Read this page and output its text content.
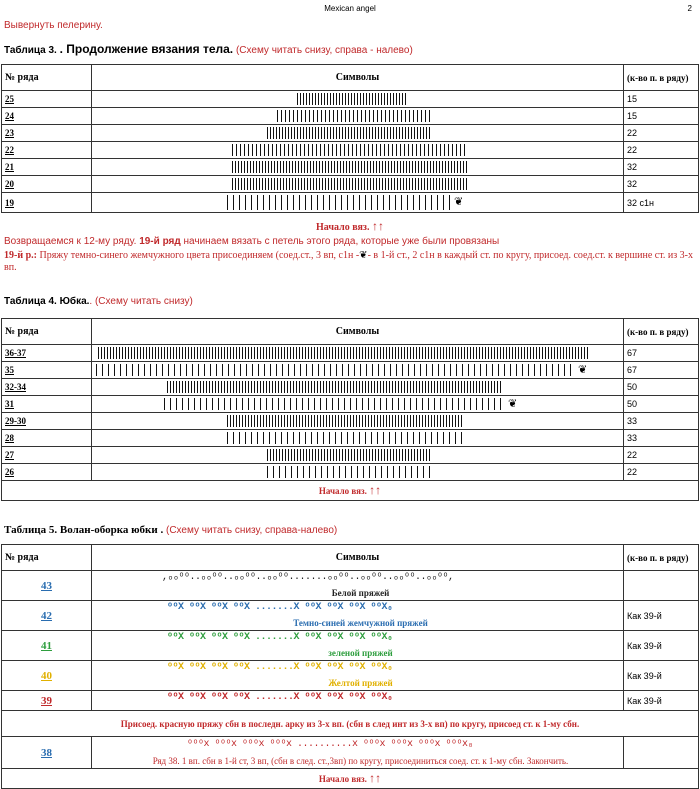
Mexican angel	2
Вывернуть пелерину.
Таблица 3. . Продолжение вязания тела. (Схему читать снизу, справа - налево)
№ ряда	Символы	(к-во п. в ряду)
25		15
24		15
23		22
22		22
21		32
20		32
19	❦	32 с1н
Начало вяз. ↑↑
Возвращаемся к 12-му ряду. 19-й ряд начинаем вязать с петель этого ряда, которые уже были провязаны
19-й р.: Пряжу темно-синего жемчужного цвета присоединяем (соед.ст., 3 вп, с1н -❦- в 1-й ст., 2 с1н в каждый ст. по кругу, присоед. соед.ст. к вершине ст. из 3-х вп.
Таблица 4. Юбка.. (Схему читать снизу)
№ ряда	Символы	(к-во п. в ряду)
36-37		67
35	❦	67
32-34		50
31	❦	50
29-30		33
28		33
27		22
26		22
Начало вяз. ↑↑		
Таблица 5. Волан-оборка юбки . (Схему читать снизу, справа-налево)
№ ряда	Символы	(к-во п. в ряду)
43	,ₒₒᵒᵒ..ₒₒᵒᵒ..ₒₒᵒᵒ..ₒₒᵒᵒ.......ₒₒᵒᵒ..ₒₒᵒᵒ..ₒₒᵒᵒ..ₒₒᵒᵒ,
Белой пряжей	

42	ᵒᵒX ᵒᵒX ᵒᵒX ᵒᵒX .......X ᵒᵒX ᵒᵒX ᵒᵒX ᵒᵒX₀
Темно-синей жемчужной пряжей	Как 39-й
41	ᵒᵒX ᵒᵒX ᵒᵒX ᵒᵒX .......X ᵒᵒX ᵒᵒX ᵒᵒX ᵒᵒX₀
зеленой пряжей	Как 39-й
40	ᵒᵒX ᵒᵒX ᵒᵒX ᵒᵒX .......X ᵒᵒX ᵒᵒX ᵒᵒX ᵒᵒX₀
Желтой пряжей	Как 39-й
39	ᵒᵒX ᵒᵒX ᵒᵒX ᵒᵒX .......X ᵒᵒX ᵒᵒX ᵒᵒX ᵒᵒX₀	Как 39-й
Присоед. красную пряжу сбн в последн. арку из 3-х вп. (сбн в след инт из 3-х вп) по кругу, присоед ст. к 1-му сбн.		
38	ᵒᵒᵒx ᵒᵒᵒx ᵒᵒᵒx ᵒᵒᵒx ..........x ᵒᵒᵒx ᵒᵒᵒx ᵒᵒᵒx ᵒᵒᵒx₀
Ряд 38. 1 вп. сбн в 1-й ст, 3 вп, (сбн в след. ст.,3вп) по кругу, присоединиться соед. ст. к 1-му сбн. Закончить.	

Начало вяз. ↑↑		
